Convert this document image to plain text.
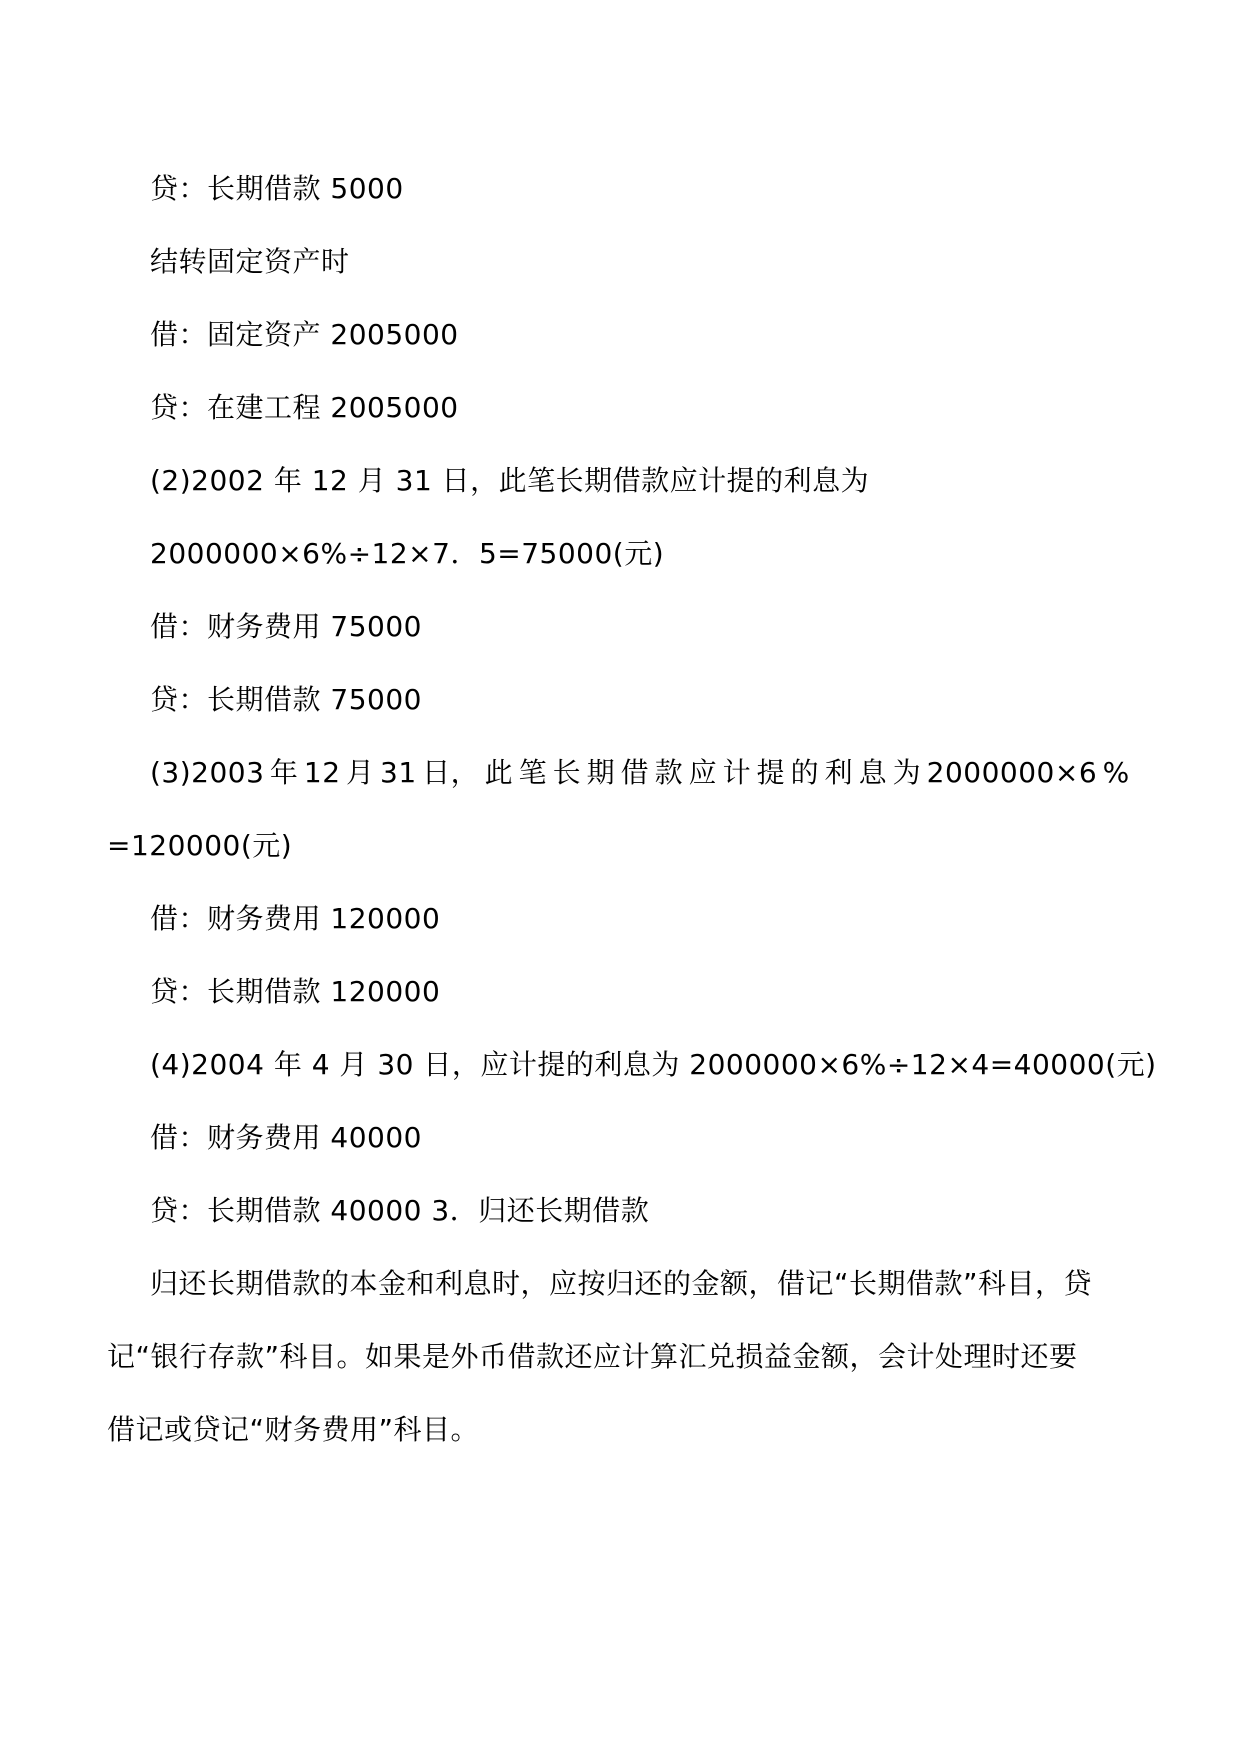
贷：长期借款 5000
结转固定资产时
借：固定资产 2005000
贷：在建工程 2005000
(2)2002 年 12 月 31 日，此笔长期借款应计提的利息为
2000000×6%÷12×7．5=75000(元)
借：财务费用 75000
贷：长期借款 75000
(3)2003 年 12 月 31 日， 此 笔 长 期 借 款 应 计 提 的 利 息 为 2000000×6 %
=120000(元)
借：财务费用 120000
贷：长期借款 120000
(4)2004 年 4 月 30 日，应计提的利息为 2000000×6%÷12×4=40000(元)
借：财务费用 40000
贷：长期借款 40000 3．归还长期借款
归还长期借款的本金和利息时，应按归还的金额，借记“长期借款”科目，贷
记“银行存款”科目。如果是外币借款还应计算汇兑损益金额，会计处理时还要
借记或贷记“财务费用”科目。
